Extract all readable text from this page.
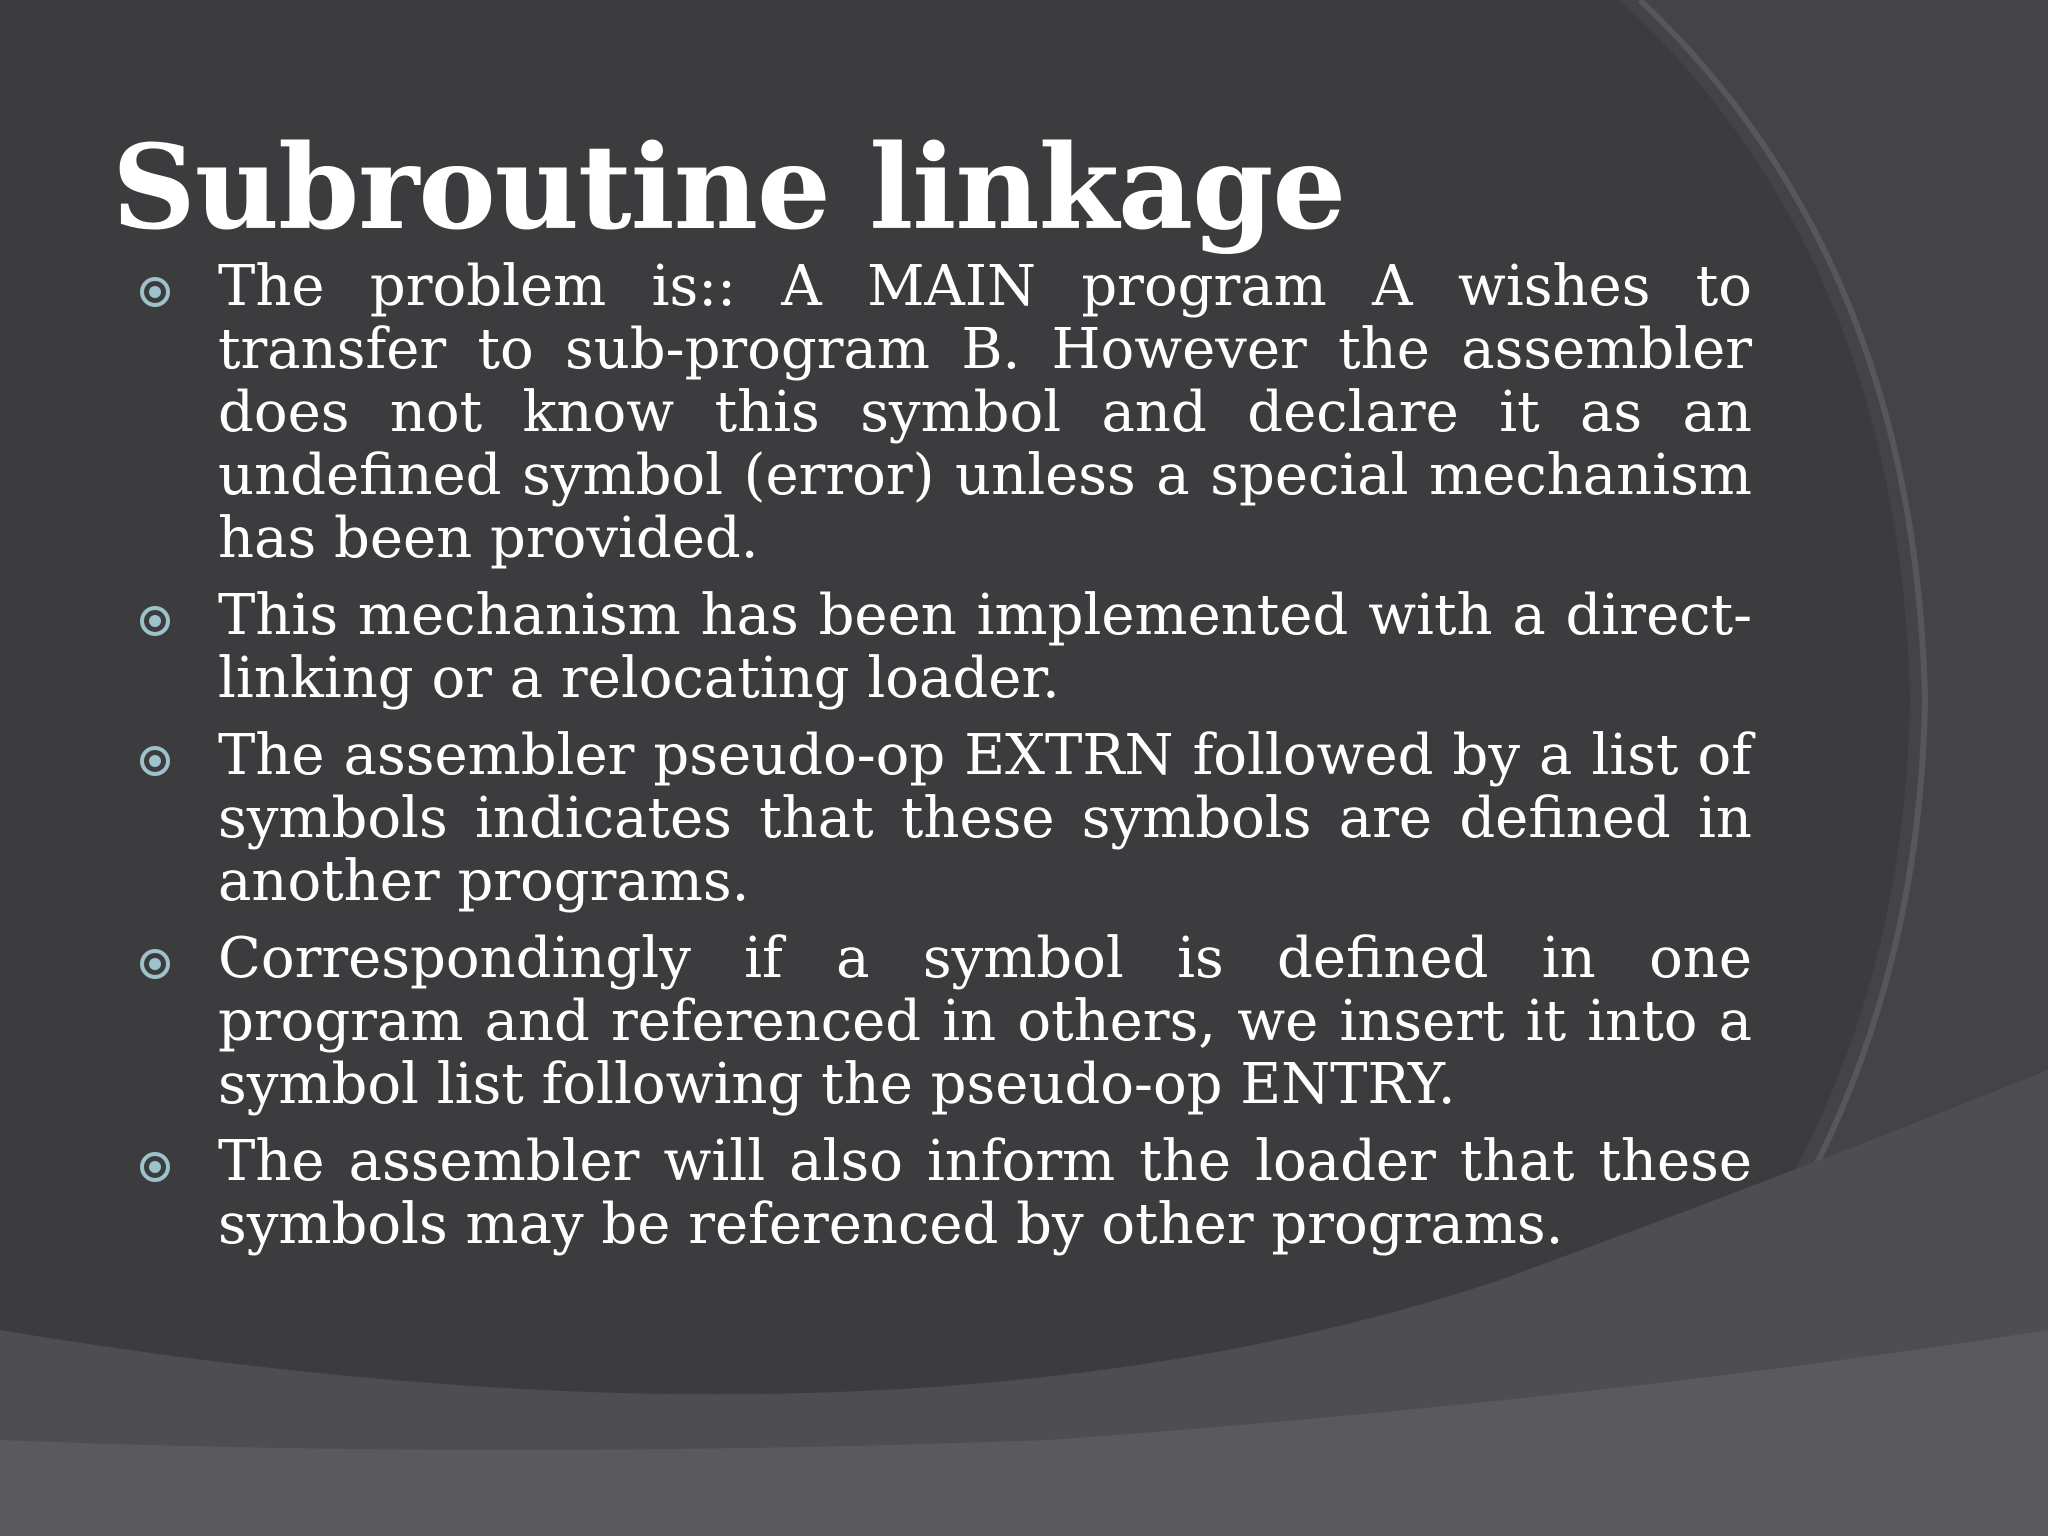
Subroutine linkage
The problem is:: A MAIN program A wishes to transfer to sub-program B. However the assembler does not know this symbol and declare it as an undefined symbol (error) unless a special mechanism has been provided.
This mechanism has been implemented with a direct-linking or a relocating loader.
The assembler pseudo-op EXTRN followed by a list of symbols indicates that these symbols are defined in another programs.
Correspondingly if a symbol is defined in one program and referenced in others, we insert it into a symbol list following the pseudo-op ENTRY.
The assembler will also inform the loader that these symbols may be referenced by other programs.
